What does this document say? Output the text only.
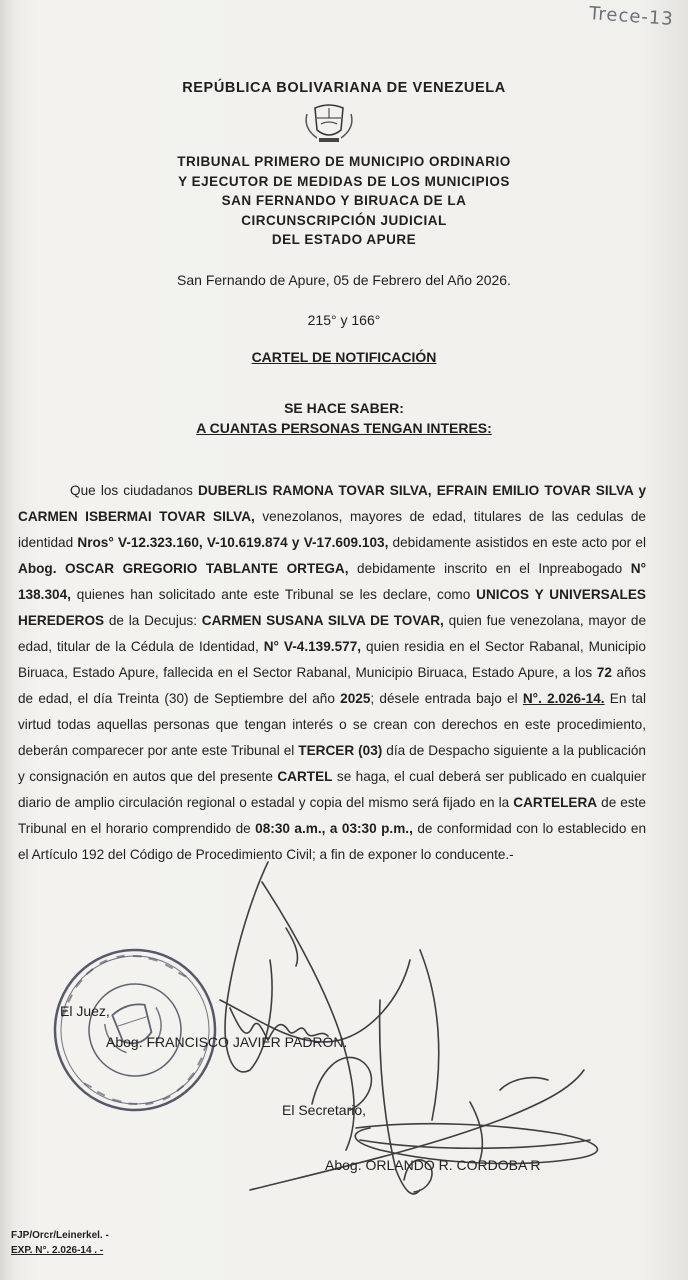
Trece-13
REPÚBLICA BOLIVARIANA DE VENEZUELA
TRIBUNAL PRIMERO DE MUNICIPIO ORDINARIO
Y EJECUTOR DE MEDIDAS DE LOS MUNICIPIOS
SAN FERNANDO Y BIRUACA DE LA
CIRCUNSCRIPCIÓN JUDICIAL
DEL ESTADO APURE
San Fernando de Apure, 05 de Febrero del Año 2026.
215° y 166°
CARTEL DE NOTIFICACIÓN
SE HACE SABER:
A CUANTAS PERSONAS TENGAN INTERES:
Que los ciudadanos DUBERLIS RAMONA TOVAR SILVA, EFRAIN EMILIO TOVAR SILVA y CARMEN ISBERMAI TOVAR SILVA, venezolanos, mayores de edad, titulares de las cedulas de identidad Nros° V-12.323.160, V-10.619.874 y V-17.609.103, debidamente asistidos en este acto por el Abog. OSCAR GREGORIO TABLANTE ORTEGA, debidamente inscrito en el Inpreabogado N° 138.304, quienes han solicitado ante este Tribunal se les declare, como UNICOS Y UNIVERSALES HEREDEROS de la Decujus: CARMEN SUSANA SILVA DE TOVAR, quien fue venezolana, mayor de edad, titular de la Cédula de Identidad, N° V-4.139.577, quien residia en el Sector Rabanal, Municipio Biruaca, Estado Apure, fallecida en el Sector Rabanal, Municipio Biruaca, Estado Apure, a los 72 años de edad, el día Treinta (30) de Septiembre del año 2025; désele entrada bajo el N°. 2.026-14. En tal virtud todas aquellas personas que tengan interés o se crean con derechos en este procedimiento, deberán comparecer por ante este Tribunal el TERCER (03) día de Despacho siguiente a la publicación y consignación en autos que del presente CARTEL se haga, el cual deberá ser publicado en cualquier diario de amplio circulación regional o estadal y copia del mismo será fijado en la CARTELERA de este Tribunal en el horario comprendido de 08:30 a.m., a 03:30 p.m., de conformidad con lo establecido en el Artículo 192 del Código de Procedimiento Civil; a fin de exponer lo conducente.-
El Juez,
Abog. FRANCISCO JAVIER PADRON.
El Secretario,
Abog. ORLANDO R. CORDOBA R
FJP/Orcr/Leinerkel. -
EXP. N°. 2.026-14 . -
